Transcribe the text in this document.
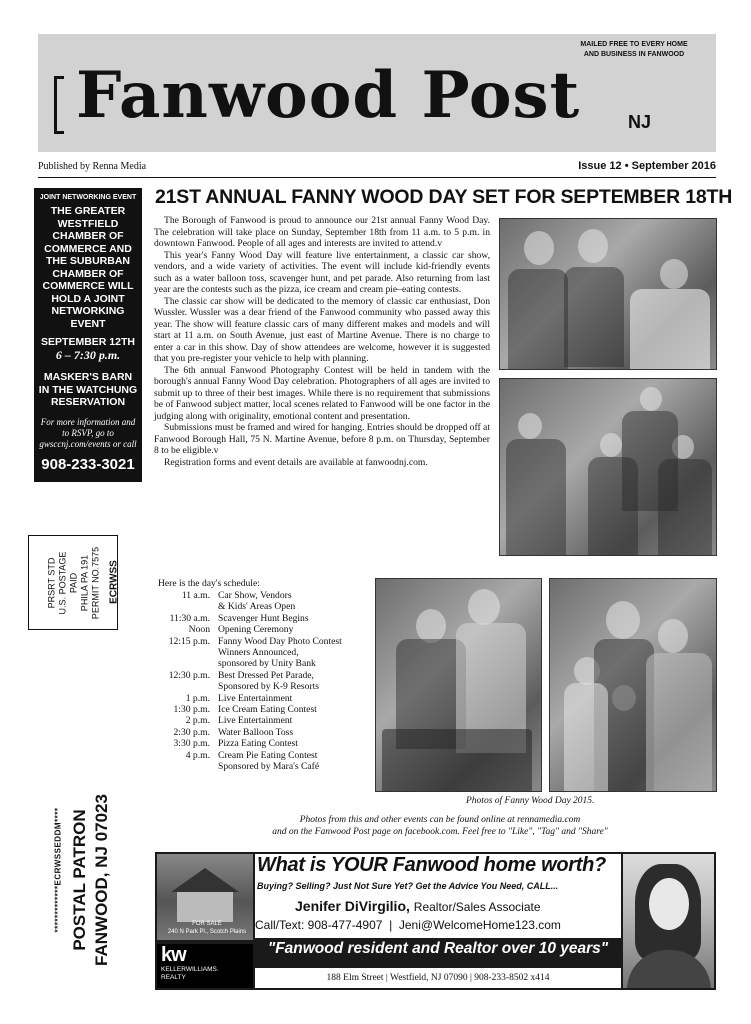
MAILED FREE TO EVERY HOME
AND BUSINESS IN FANWOOD
Fanwood Post	NJ
Published by Renna Media	Issue 12 • September 2016
JOINT NETWORKING EVENT
THE GREATER WESTFIELD CHAMBER OF COMMERCE AND THE SUBURBAN CHAMBER OF COMMERCE WILL HOLD A JOINT NETWORKING EVENT
SEPTEMBER 12TH
6 – 7:30 p.m.
MASKER'S BARN IN THE WATCHUNG RESERVATION
For more information and to RSVP, go to gwsccnj.com/events or call
908-233-3021
PRSRT STD U.S. POSTAGE PAID PHILA PA 191 PERMIT NO.7575 ECRWSS
*************ECRWSSEDDM**** POSTAL PATRON FANWOOD, NJ 07023
21ST ANNUAL FANNY WOOD DAY SET FOR SEPTEMBER 18TH

The Borough of Fanwood is proud to announce our 21st annual Fanny Wood Day. The celebration will take place on Sunday, September 18th from 11 a.m. to 5 p.m. in downtown Fanwood. People of all ages and interests are invited to attend.v

This year's Fanny Wood Day will feature live entertainment, a classic car show, vendors, and a wide variety of activities. The event will include kid-friendly events such as a water balloon toss, scavenger hunt, and pet parade. Also returning from last year are the contests such as the pizza, ice cream and cream pie–eating contests.

The classic car show will be dedicated to the memory of classic car enthusiast, Don Wussler. Wussler was a dear friend of the Fanwood community who passed away this year. The show will feature classic cars of many different makes and models and will start at 11 a.m. on South Avenue, just east of Martine Avenue. There is no charge to enter a car in this show. Day of show attendees are welcome, however it is suggested that you pre-register your vehicle to help with planning.

The 6th annual Fanwood Photography Contest will be held in tandem with the borough's annual Fanny Wood Day celebration. Photographers of all ages are invited to submit up to three of their best images. While there is no requirement that submissions be of Fanwood subject matter, local scenes related to Fanwood will be one factor in the judging along with originality, emotional content and presentation.

Submissions must be framed and wired for hanging. Entries should be dropped off at Fanwood Borough Hall, 75 N. Martine Avenue, before 8 p.m. on Thursday, September 8 to be eligible.v

Registration forms and event details are available at fanwoodnj.com.

Photos of Fanny Wood Day 2015.
Here is the day's schedule:
11 a.m. Car Show, Vendors
& Kids' Areas Open
11:30 a.m. Scavenger Hunt Begins
Noon Opening Ceremony
12:15 p.m. Fanny Wood Day Photo Contest
Winners Announced,
sponsored by Unity Bank
12:30 p.m. Best Dressed Pet Parade,
Sponsored by K-9 Resorts
1 p.m. Live Entertainment
1:30 p.m. Ice Cream Eating Contest
2 p.m. Live Entertainment
2:30 p.m. Water Balloon Toss
3:30 p.m. Pizza Eating Contest
4 p.m. Cream Pie Eating Contest
Sponsored by Mara's Café
Photos from this and other events can be found online at rennamedia.com
and on the Fanwood Post page on facebook.com. Feel free to "Like", "Tag" and "Share"
FOR SALE
240 N Park Pl., Scotch Plains
kw
KELLERWILLIAMS.
REALTY
What is YOUR Fanwood home worth?
Buying? Selling? Just Not Sure Yet? Get the Advice You Need, CALL...
Jenifer DiVirgilio, Realtor/Sales Associate
Call/Text: 908-477-4907  |  Jeni@WelcomeHome123.com
"Fanwood resident and Realtor over 10 years"
188 Elm Street | Westfield, NJ 07090 | 908-233-8502 x414
